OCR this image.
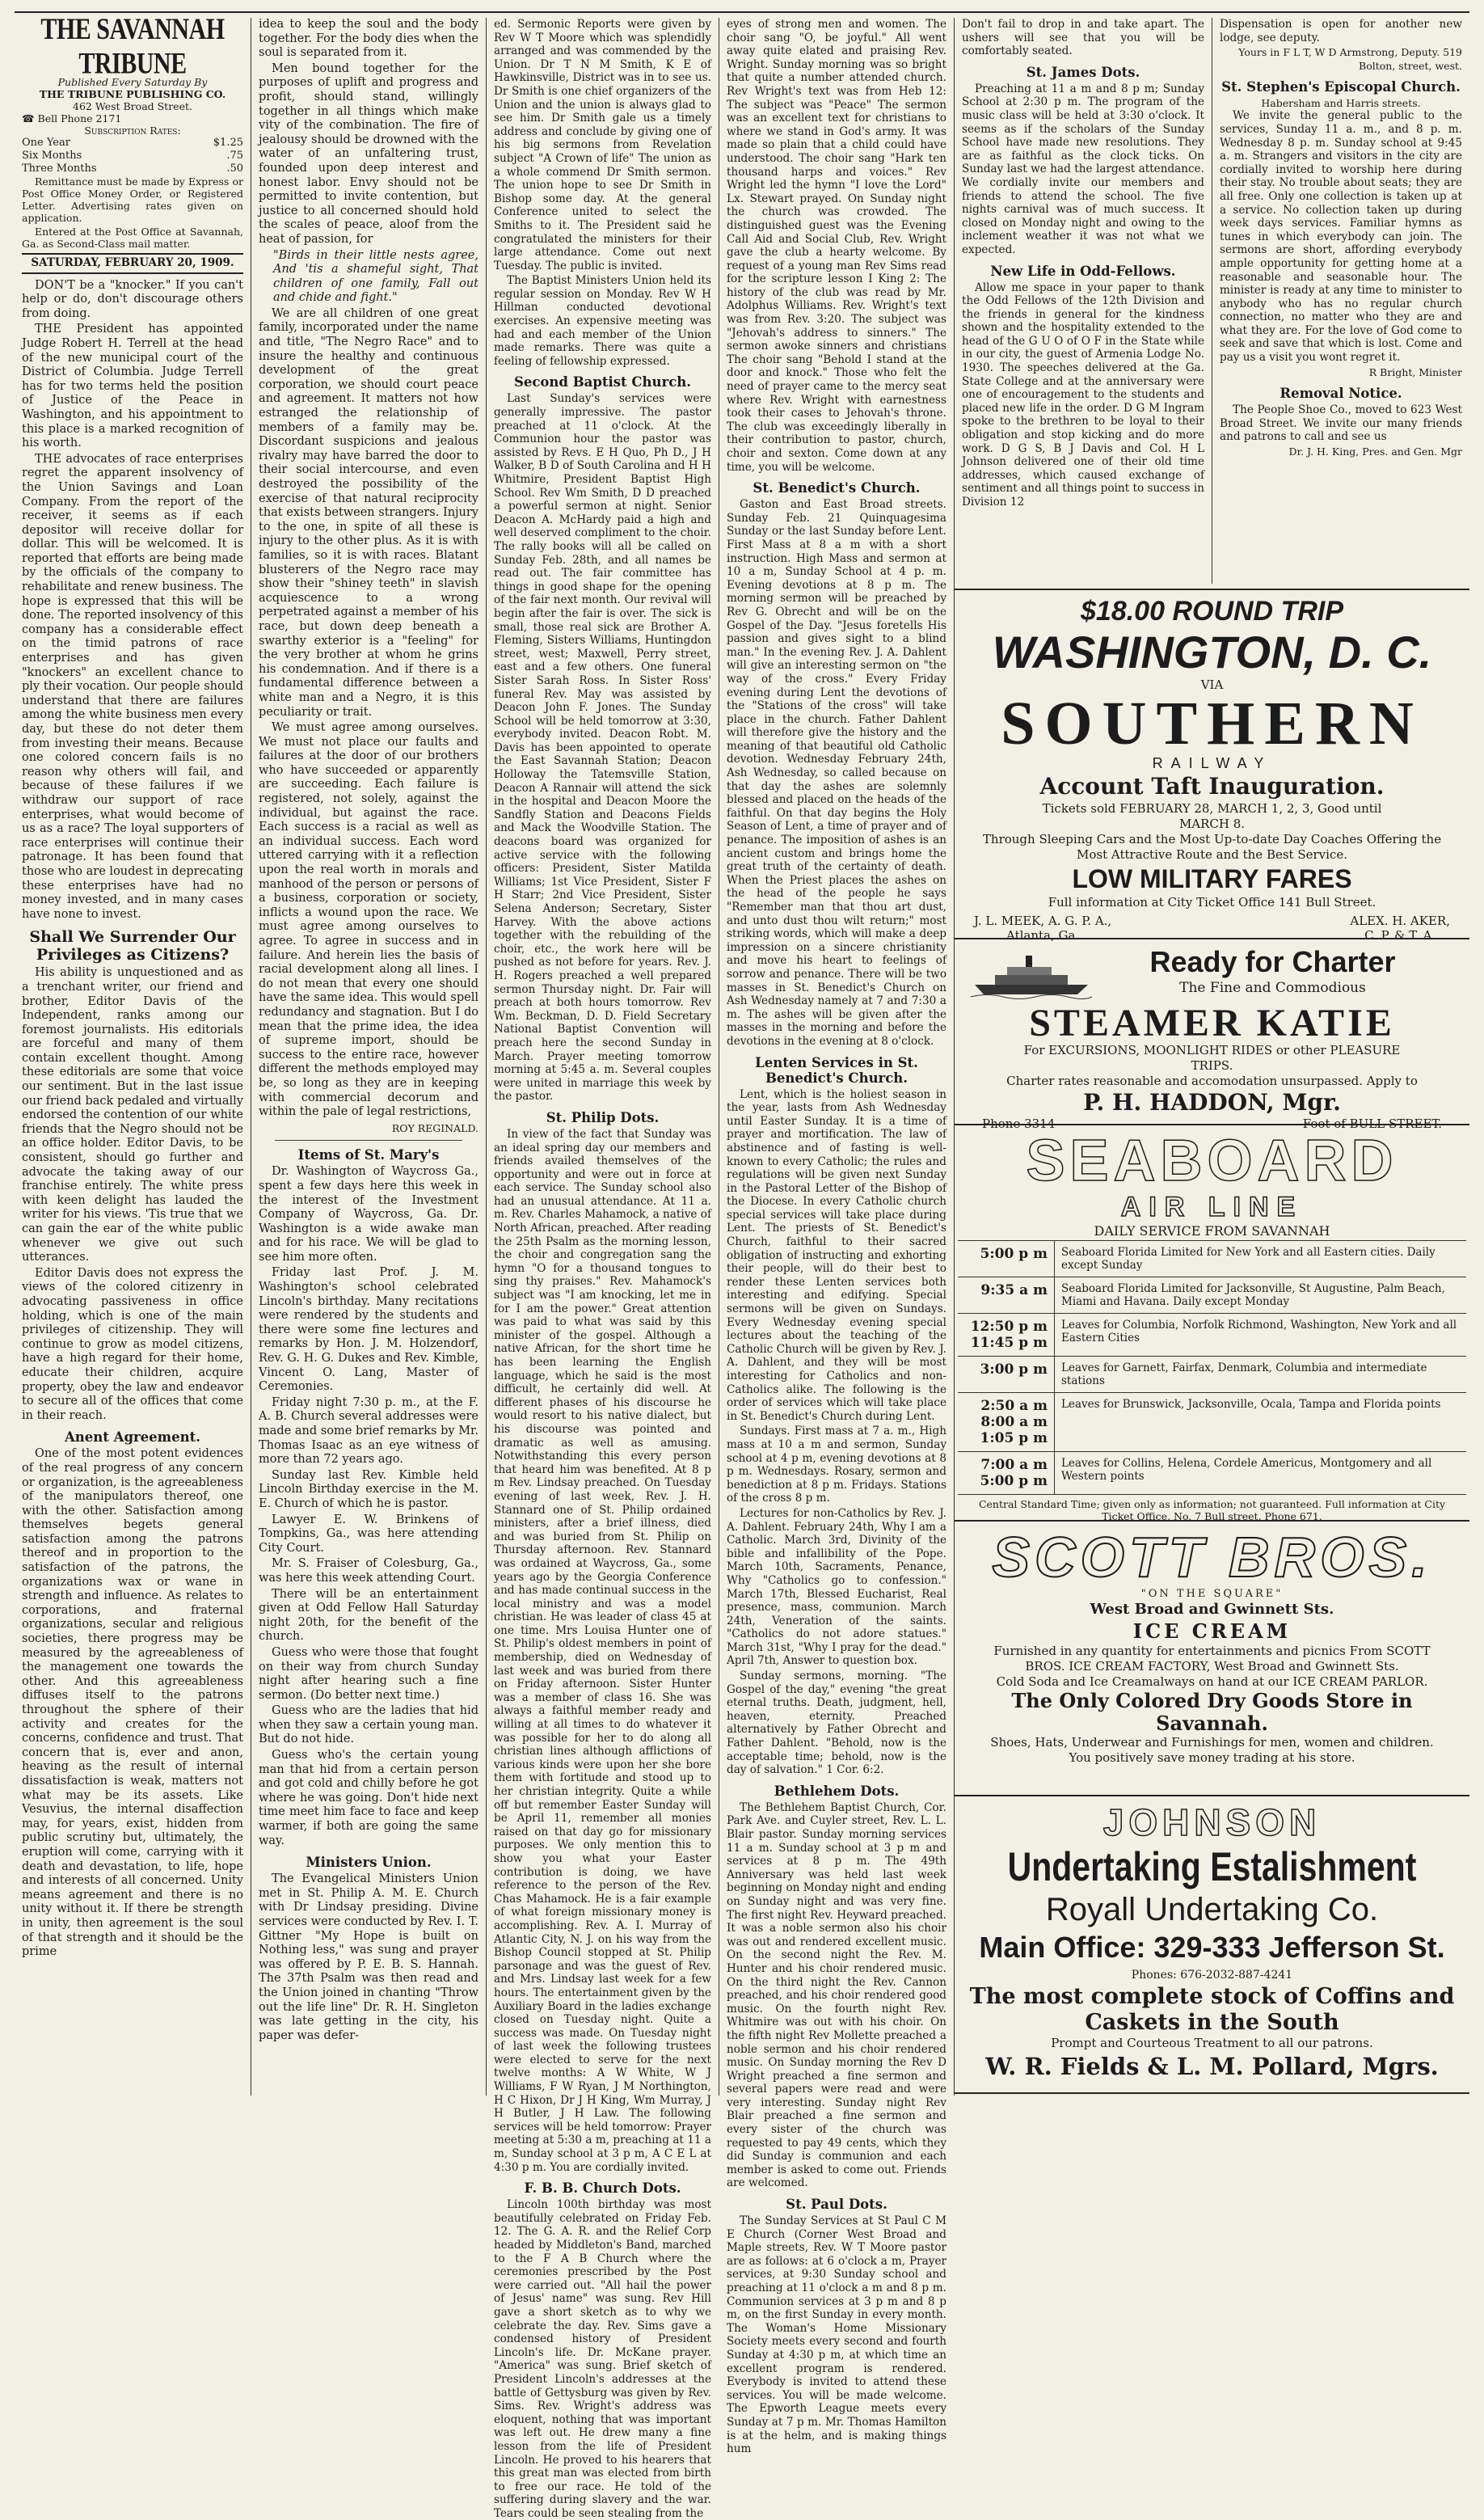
THE SAVANNAH TRIBUNE
Published Every Saturday By
THE TRIBUNE PUBLISHING CO.
462 West Broad Street.
☎ Bell Phone 2171
Subscription Rates:
One Year	$1.25
Six Months	.75
Three Months	.50

Remittance must be made by Express or Post Office Money Order, or Registered Letter. Advertising rates given on application.

Entered at the Post Office at Savannah, Ga. as Second-Class mail matter.

SATURDAY, FEBRUARY 20, 1909.

DON'T be a "knocker." If you can't help or do, don't discourage others from doing.

THE President has appointed Judge Robert H. Terrell at the head of the new municipal court of the District of Columbia. Judge Terrell has for two terms held the position of Justice of the Peace in Washington, and his appointment to this place is a marked recognition of his worth.

THE advocates of race enterprises regret the apparent insolvency of the Union Savings and Loan Company. From the report of the receiver, it seems as if each depositor will receive dollar for dollar. This will be welcomed. It is reported that efforts are being made by the officials of the company to rehabilitate and renew business. The hope is expressed that this will be done. The reported insolvency of this company has a considerable effect on the timid patrons of race enterprises and has given "knockers" an excellent chance to ply their vocation. Our people should understand that there are failures among the white business men every day, but these do not deter them from investing their means. Because one colored concern fails is no reason why others will fail, and because of these failures if we withdraw our support of race enterprises, what would become of us as a race? The loyal supporters of race enterprises will continue their patronage. It has been found that those who are loudest in deprecating these enterprises have had no money invested, and in many cases have none to invest.

Shall We Surrender Our Privileges as Citizens?

His ability is unquestioned and as a trenchant writer, our friend and brother, Editor Davis of the Independent, ranks among our foremost journalists. His editorials are forceful and many of them contain excellent thought. Among these editorials are some that voice our sentiment. But in the last issue our friend back pedaled and virtually endorsed the contention of our white friends that the Negro should not be an office holder. Editor Davis, to be consistent, should go further and advocate the taking away of our franchise entirely. The white press with keen delight has lauded the writer for his views. 'Tis true that we can gain the ear of the white public whenever we give out such utterances.

Editor Davis does not express the views of the colored citizenry in advocating passiveness in office holding, which is one of the main privileges of citizenship. They will continue to grow as model citizens, have a high regard for their home, educate their children, acquire property, obey the law and endeavor to secure all of the offices that come in their reach.

Anent Agreement.

One of the most potent evidences of the real progress of any concern or organization, is the agreeableness of the manipulators thereof, one with the other. Satisfaction among themselves begets general satisfaction among the patrons thereof and in proportion to the satisfaction of the patrons, the organizations wax or wane in strength and influence. As relates to corporations, and fraternal organizations, secular and religious societies, there progress may be measured by the agreeableness of the management one towards the other. And this agreeableness diffuses itself to the patrons throughout the sphere of their activity and creates for the concerns, confidence and trust. That concern that is, ever and anon, heaving as the result of internal dissatisfaction is weak, matters not what may be its assets. Like Vesuvius, the internal disaffection may, for years, exist, hidden from public scrutiny but, ultimately, the eruption will come, carrying with it death and devastation, to life, hope and interests of all concerned. Unity means agreement and there is no unity without it. If there be strength in unity, then agreement is the soul of that strength and it should be the prime

idea to keep the soul and the body together. For the body dies when the soul is separated from it.

Men bound together for the purposes of uplift and progress and profit, should stand, willingly together in all things which make vity of the combination. The fire of jealousy should be drowned with the water of an unfaltering trust, founded upon deep interest and honest labor. Envy should not be permitted to invite contention, but justice to all concerned should hold the scales of peace, aloof from the heat of passion, for

"Birds in their little nests agree, And 'tis a shameful sight, That children of one family, Fall out and chide and fight."

We are all children of one great family, incorporated under the name and title, "The Negro Race" and to insure the healthy and continuous development of the great corporation, we should court peace and agreement. It matters not how estranged the relationship of members of a family may be. Discordant suspicions and jealous rivalry may have barred the door to their social intercourse, and even destroyed the possibility of the exercise of that natural reciprocity that exists between strangers. Injury to the one, in spite of all these is injury to the other plus. As it is with families, so it is with races. Blatant blusterers of the Negro race may show their "shiney teeth" in slavish acquiescence to a wrong perpetrated against a member of his race, but down deep beneath a swarthy exterior is a "feeling" for the very brother at whom he grins his condemnation. And if there is a fundamental difference between a white man and a Negro, it is this peculiarity or trait.

We must agree among ourselves. We must not place our faults and failures at the door of our brothers who have succeeded or apparently are succeeding. Each failure is registered, not solely, against the individual, but against the race. Each success is a racial as well as an individual success. Each word uttered carrying with it a reflection upon the real worth in morals and manhood of the person or persons of a business, corporation or society, inflicts a wound upon the race. We must agree among ourselves to agree. To agree in success and in failure. And herein lies the basis of racial development along all lines. I do not mean that every one should have the same idea. This would spell redundancy and stagnation. But I do mean that the prime idea, the idea of supreme import, should be success to the entire race, however different the methods employed may be, so long as they are in keeping with commercial decorum and within the pale of legal restrictions,

ROY REGINALD.
Items of St. Mary's

Dr. Washington of Waycross Ga., spent a few days here this week in the interest of the Investment Company of Waycross, Ga. Dr. Washington is a wide awake man and for his race. We will be glad to see him more often.

Friday last Prof. J. M. Washington's school celebrated Lincoln's birthday. Many recitations were rendered by the students and there were some fine lectures and remarks by Hon. J. M. Holzendorf, Rev. G. H. G. Dukes and Rev. Kimble, Vincent O. Lang, Master of Ceremonies.

Friday night 7:30 p. m., at the F. A. B. Church several addresses were made and some brief remarks by Mr. Thomas Isaac as an eye witness of more than 72 years ago.

Sunday last Rev. Kimble held Lincoln Birthday exercise in the M. E. Church of which he is pastor.

Lawyer E. W. Brinkens of Tompkins, Ga., was here attending City Court.

Mr. S. Fraiser of Colesburg, Ga., was here this week attending Court.

There will be an entertainment given at Odd Fellow Hall Saturday night 20th, for the benefit of the church.

Guess who were those that fought on their way from church Sunday night after hearing such a fine sermon. (Do better next time.)

Guess who are the ladies that hid when they saw a certain young man. But do not hide.

Guess who's the certain young man that hid from a certain person and got cold and chilly before he got where he was going. Don't hide next time meet him face to face and keep warmer, if both are going the same way.

Ministers Union.

The Evangelical Ministers Union met in St. Philip A. M. E. Church with Dr Lindsay presiding. Divine services were conducted by Rev. I. T. Gittner "My Hope is built on Nothing less," was sung and prayer was offered by P. E. B. S. Hannah. The 37th Psalm was then read and the Union joined in chanting "Throw out the life line" Dr. R. H. Singleton was late getting in the city, his paper was defer-

ed. Sermonic Reports were given by Rev W T Moore which was splendidly arranged and was commended by the Union. Dr T N M Smith, K E of Hawkinsville, District was in to see us. Dr Smith is one chief organizers of the Union and the union is always glad to see him. Dr Smith gale us a timely address and conclude by giving one of his big sermons from Revelation subject "A Crown of life" The union as a whole commend Dr Smith sermon. The union hope to see Dr Smith in Bishop some day. At the general Conference united to select the Smiths to it. The President said he congratulated the ministers for their large attendance. Come out next Tuesday. The public is invited.

The Baptist Ministers Union held its regular session on Monday. Rev W H Hillman conducted devotional exercises. An expensive meeting was had and each member of the Union made remarks. There was quite a feeling of fellowship expressed.

Second Baptist Church.

Last Sunday's services were generally impressive. The pastor preached at 11 o'clock. At the Communion hour the pastor was assisted by Revs. E H Quo, Ph D., J H Walker, B D of South Carolina and H H Whitmire, President Baptist High School. Rev Wm Smith, D D preached a powerful sermon at night. Senior Deacon A. McHardy paid a high and well deserved compliment to the choir. The rally books will all be called on Sunday Feb. 28th, and all names be read out. The fair committee has things in good shape for the opening of the fair next month. Our revival will begin after the fair is over. The sick is small, those real sick are Brother A. Fleming, Sisters Williams, Huntingdon street, west; Maxwell, Perry street, east and a few others. One funeral Sister Sarah Ross. In Sister Ross' funeral Rev. May was assisted by Deacon John F. Jones. The Sunday School will be held tomorrow at 3:30, everybody invited. Deacon Robt. M. Davis has been appointed to operate the East Savannah Station; Deacon Holloway the Tatemsville Station, Deacon A Rannair will attend the sick in the hospital and Deacon Moore the Sandfly Station and Deacons Fields and Mack the Woodville Station. The deacons board was organized for active service with the following officers: President, Sister Matilda Williams; 1st Vice President, Sister F H Starr; 2nd Vice President, Sister Selena Anderson; Secretary, Sister Harvey. With the above actions together with the rebuilding of the choir, etc., the work here will be pushed as not before for years. Rev. J. H. Rogers preached a well prepared sermon Thursday night. Dr. Fair will preach at both hours tomorrow. Rev Wm. Beckman, D. D. Field Secretary National Baptist Convention will preach here the second Sunday in March. Prayer meeting tomorrow morning at 5:45 a. m. Several couples were united in marriage this week by the pastor.

St. Philip Dots.

In view of the fact that Sunday was an ideal spring day our members and friends availed themselves of the opportunity and were out in force at each service. The Sunday school also had an unusual attendance. At 11 a. m. Rev. Charles Mahamock, a native of North African, preached. After reading the 25th Psalm as the morning lesson, the choir and congregation sang the hymn "O for a thousand tongues to sing thy praises." Rev. Mahamock's subject was "I am knocking, let me in for I am the power." Great attention was paid to what was said by this minister of the gospel. Although a native African, for the short time he has been learning the English language, which he said is the most difficult, he certainly did well. At different phases of his discourse he would resort to his native dialect, but his discourse was pointed and dramatic as well as amusing. Notwithstanding this every person that heard him was benefited. At 8 p m Rev. Lindsay preached. On Tuesday evening of last week, Rev. J. H. Stannard one of St. Philip ordained ministers, after a brief illness, died and was buried from St. Philip on Thursday afternoon. Rev. Stannard was ordained at Waycross, Ga., some years ago by the Georgia Conference and has made continual success in the local ministry and was a model christian. He was leader of class 45 at one time. Mrs Louisa Hunter one of St. Philip's oldest members in point of membership, died on Wednesday of last week and was buried from there on Friday afternoon. Sister Hunter was a member of class 16. She was always a faithful member ready and willing at all times to do whatever it was possible for her to do along all christian lines although afflictions of various kinds were upon her she bore them with fortitude and stood up to her christian integrity. Quite a while off but remember Easter Sunday will be April 11, remember all monies raised on that day go for missionary purposes. We only mention this to show you what your Easter contribution is doing, we have reference to the person of the Rev. Chas Mahamock. He is a fair example of what foreign missionary money is accomplishing. Rev. A. I. Murray of Atlantic City, N. J. on his way from the Bishop Council stopped at St. Philip parsonage and was the guest of Rev. and Mrs. Lindsay last week for a few hours. The entertainment given by the Auxiliary Board in the ladies exchange closed on Tuesday night. Quite a success was made. On Tuesday night of last week the following trustees were elected to serve for the next twelve months: A W White, W J Williams, F W Ryan, J M Northington, H C Hixon, Dr J H King, Wm Murray, J H Butler, J H Law. The following services will be held tomorrow: Prayer meeting at 5:30 a m, preaching at 11 a m, Sunday school at 3 p m, A C E L at 4:30 p m. You are cordially invited.

F. B. B. Church Dots.

Lincoln 100th birthday was most beautifully celebrated on Friday Feb. 12. The G. A. R. and the Relief Corp headed by Middleton's Band, marched to the F A B Church where the ceremonies prescribed by the Post were carried out. "All hail the power of Jesus' name" was sung. Rev Hill gave a short sketch as to why we celebrate the day. Rev. Sims gave a condensed history of President Lincoln's life. Dr. McKane prayer. "America" was sung. Brief sketch of President Lincoln's addresses at the battle of Gettysburg was given by Rev. Sims. Rev. Wright's address was eloquent, nothing that was important was left out. He drew many a fine lesson from the life of President Lincoln. He proved to his hearers that this great man was elected from birth to free our race. He told of the suffering during slavery and the war. Tears could be seen stealing from the

eyes of strong men and women. The choir sang "O, be joyful." All went away quite elated and praising Rev. Wright. Sunday morning was so bright that quite a number attended church. Rev Wright's text was from Heb 12: The subject was "Peace" The sermon was an excellent text for christians to where we stand in God's army. It was made so plain that a child could have understood. The choir sang "Hark ten thousand harps and voices." Rev Wright led the hymn "I love the Lord" Lx. Stewart prayed. On Sunday night the church was crowded. The distinguished guest was the Evening Call Aid and Social Club, Rev. Wright gave the club a hearty welcome. By request of a young man Rev Sims read for the scripture lesson I King 2: The history of the club was read by Mr. Adolphus Williams. Rev. Wright's text was from Rev. 3:20. The subject was "Jehovah's address to sinners." The sermon awoke sinners and christians The choir sang "Behold I stand at the door and knock." Those who felt the need of prayer came to the mercy seat where Rev. Wright with earnestness took their cases to Jehovah's throne. The club was exceedingly liberally in their contribution to pastor, church, choir and sexton. Come down at any time, you will be welcome.

St. Benedict's Church.

Gaston and East Broad streets. Sunday Feb. 21 Quinquagesima Sunday or the last Sunday before Lent. First Mass at 8 a m with a short instruction. High Mass and sermon at 10 a m, Sunday School at 4 p. m. Evening devotions at 8 p m. The morning sermon will be preached by Rev G. Obrecht and will be on the Gospel of the Day. "Jesus foretells His passion and gives sight to a blind man." In the evening Rev. J. A. Dahlent will give an interesting sermon on "the way of the cross." Every Friday evening during Lent the devotions of the "Stations of the cross" will take place in the church. Father Dahlent will therefore give the history and the meaning of that beautiful old Catholic devotion. Wednesday February 24th, Ash Wednesday, so called because on that day the ashes are solemnly blessed and placed on the heads of the faithful. On that day begins the Holy Season of Lent, a time of prayer and of penance. The imposition of ashes is an ancient custom and brings home the great truth of the certainty of death. When the Priest places the ashes on the head of the people he says "Remember man that thou art dust, and unto dust thou wilt return;" most striking words, which will make a deep impression on a sincere christianity and move his heart to feelings of sorrow and penance. There will be two masses in St. Benedict's Church on Ash Wednesday namely at 7 and 7:30 a m. The ashes will be given after the masses in the morning and before the devotions in the evening at 8 o'clock.

Lenten Services in St. Benedict's Church.

Lent, which is the holiest season in the year, lasts from Ash Wednesday until Easter Sunday. It is a time of prayer and mortification. The law of abstinence and of fasting is well-known to every Catholic; the rules and regulations will be given next Sunday in the Pastoral Letter of the Bishop of the Diocese. In every Catholic church special services will take place during Lent. The priests of St. Benedict's Church, faithful to their sacred obligation of instructing and exhorting their people, will do their best to render these Lenten services both interesting and edifying. Special sermons will be given on Sundays. Every Wednesday evening special lectures about the teaching of the Catholic Church will be given by Rev. J. A. Dahlent, and they will be most interesting for Catholics and non-Catholics alike. The following is the order of services which will take place in St. Benedict's Church during Lent.

Sundays. First mass at 7 a. m., High mass at 10 a m and sermon, Sunday school at 4 p m, evening devotions at 8 p m. Wednesdays. Rosary, sermon and benediction at 8 p m. Fridays. Stations of the cross 8 p m.

Lectures for non-Catholics by Rev. J. A. Dahlent. February 24th, Why I am a Catholic. March 3rd, Divinity of the bible and infallibility of the Pope. March 10th, Sacraments, Penance, Why "Catholics go to confession." March 17th, Blessed Eucharist, Real presence, mass, communion. March 24th, Veneration of the saints. "Catholics do not adore statues." March 31st, "Why I pray for the dead." April 7th, Answer to question box.

Sunday sermons, morning. "The Gospel of the day," evening "the great eternal truths. Death, judgment, hell, heaven, eternity. Preached alternatively by Father Obrecht and Father Dahlent. "Behold, now is the acceptable time; behold, now is the day of salvation." 1 Cor. 6:2.

Bethlehem Dots.

The Bethlehem Baptist Church, Cor. Park Ave. and Cuyler street, Rev. L. L. Blair pastor. Sunday morning services 11 a m. Sunday school at 3 p m and services at 8 p m. The 49th Anniversary was held last week beginning on Monday night and ending on Sunday night and was very fine. The first night Rev. Heyward preached. It was a noble sermon also his choir was out and rendered excellent music. On the second night the Rev. M. Hunter and his choir rendered music. On the third night the Rev. Cannon preached, and his choir rendered good music. On the fourth night Rev. Whitmire was out with his choir. On the fifth night Rev Mollette preached a noble sermon and his choir rendered music. On Sunday morning the Rev D Wright preached a fine sermon and several papers were read and were very interesting. Sunday night Rev Blair preached a fine sermon and every sister of the church was requested to pay 49 cents, which they did Sunday is communion and each member is asked to come out. Friends are welcomed.

St. Paul Dots.

The Sunday Services at St Paul C M E Church (Corner West Broad and Maple streets, Rev. W T Moore pastor are as follows: at 6 o'clock a m, Prayer services, at 9:30 Sunday school and preaching at 11 o'clock a m and 8 p m. Communion services at 3 p m and 8 p m, on the first Sunday in every month. The Woman's Home Missionary Society meets every second and fourth Sunday at 4:30 p m, at which time an excellent program is rendered. Everybody is invited to attend these services. You will be made welcome. The Epworth League meets every Sunday at 7 p m. Mr. Thomas Hamilton is at the helm, and is making things hum

Don't fail to drop in and take apart. The ushers will see that you will be comfortably seated.

St. James Dots.

Preaching at 11 a m and 8 p m; Sunday School at 2:30 p m. The program of the music class will be held at 3:30 o'clock. It seems as if the scholars of the Sunday School have made new resolutions. They are as faithful as the clock ticks. On Sunday last we had the largest attendance. We cordially invite our members and friends to attend the school. The five nights carnival was of much success. It closed on Monday night and owing to the inclement weather it was not what we expected.

New Life in Odd-Fellows.

Allow me space in your paper to thank the Odd Fellows of the 12th Division and the friends in general for the kindness shown and the hospitality extended to the head of the G U O of O F in the State while in our city, the guest of Armenia Lodge No. 1930. The speeches delivered at the Ga. State College and at the anniversary were one of encouragement to the students and placed new life in the order. D G M Ingram spoke to the brethren to be loyal to their obligation and stop kicking and do more work. D G S, B J Davis and Col. H L Johnson delivered one of their old time addresses, which caused exchange of sentiment and all things point to success in Division 12

Dispensation is open for another new lodge, see deputy.

Yours in F L T, W D Armstrong, Deputy. 519 Bolton, street, west.
St. Stephen's Episcopal Church.
Habersham and Harris streets.

We invite the general public to the services, Sunday 11 a. m., and 8 p. m. Wednesday 8 p. m. Sunday school at 9:45 a. m. Strangers and visitors in the city are cordially invited to worship here during their stay. No trouble about seats; they are all free. Only one collection is taken up at a service. No collection taken up during week days services. Familiar hymns as tunes in which everybody can join. The sermons are short, affording everybody ample opportunity for getting home at a reasonable and seasonable hour. The minister is ready at any time to minister to anybody who has no regular church connection, no matter who they are and what they are. For the love of God come to seek and save that which is lost. Come and pay us a visit you wont regret it.

R Bright, Minister
Removal Notice.

The People Shoe Co., moved to 623 West Broad Street. We invite our many friends and patrons to call and see us

Dr. J. H. King, Pres. and Gen. Mgr
$18.00 ROUND TRIP
WASHINGTON, D. C.
VIA
SOUTHERN
RAILWAY
Account Taft Inauguration.
Tickets sold FEBRUARY 28, MARCH 1, 2, 3, Good until MARCH 8.
Through Sleeping Cars and the Most Up-to-date Day Coaches Offering the Most Attractive Route and the Best Service.
LOW MILITARY FARES
Full information at City Ticket Office 141 Bull Street.
J. L. MEEK, A. G. P. A.,
Atlanta, Ga.
ALEX. H. AKER,
C. P. & T. A.
Ready for Charter
The Fine and Commodious
STEAMER KATIE
For EXCURSIONS, MOONLIGHT RIDES or other PLEASURE TRIPS.
Charter rates reasonable and accomodation unsurpassed. Apply to
P. H. HADDON, Mgr.
Phone 3314	Foot of BULL STREET.
SEABOARD
AIR LINE
DAILY SERVICE FROM SAVANNAH
5:00 p m	Seaboard Florida Limited for New York and all Eastern cities. Daily except Sunday
9:35 a m	Seaboard Florida Limited for Jacksonville, St Augustine, Palm Beach, Miami and Havana. Daily except Monday
12:50 p m 11:45 p m
Leaves for Columbia, Norfolk Richmond, Washington, New York and all Eastern Cities
3:00 p m	Leaves for Garnett, Fairfax, Denmark, Columbia and intermediate stations
2:50 a m 8:00 a m 1:05 p m
Leaves for Brunswick, Jacksonville, Ocala, Tampa and Florida points
7:00 a m 5:00 p m
Leaves for Collins, Helena, Cordele Americus, Montgomery and all Western points
Central Standard Time; given only as information; not guaranteed. Full information at City Ticket Office, No. 7 Bull street. Phone 671.
SCOTT BROS.
"ON THE SQUARE"
West Broad and Gwinnett Sts.
ICE CREAM
Furnished in any quantity for entertainments and picnics From SCOTT BROS. ICE CREAM FACTORY, West Broad and Gwinnett Sts.
Cold Soda and Ice Creamalways on hand at our ICE CREAM PARLOR.
The Only Colored Dry Goods Store in Savannah.
Shoes, Hats, Underwear and Furnishings for men, women and children. You positively save money trading at his store.
JOHNSON
Undertaking Estalishment
Royall Undertaking Co.
Main Office: 329-333 Jefferson St.
Phones: 676-2032-887-4241
The most complete stock of Coffins and Caskets in the South
Prompt and Courteous Treatment to all our patrons.
W. R. Fields & L. M. Pollard, Mgrs.
